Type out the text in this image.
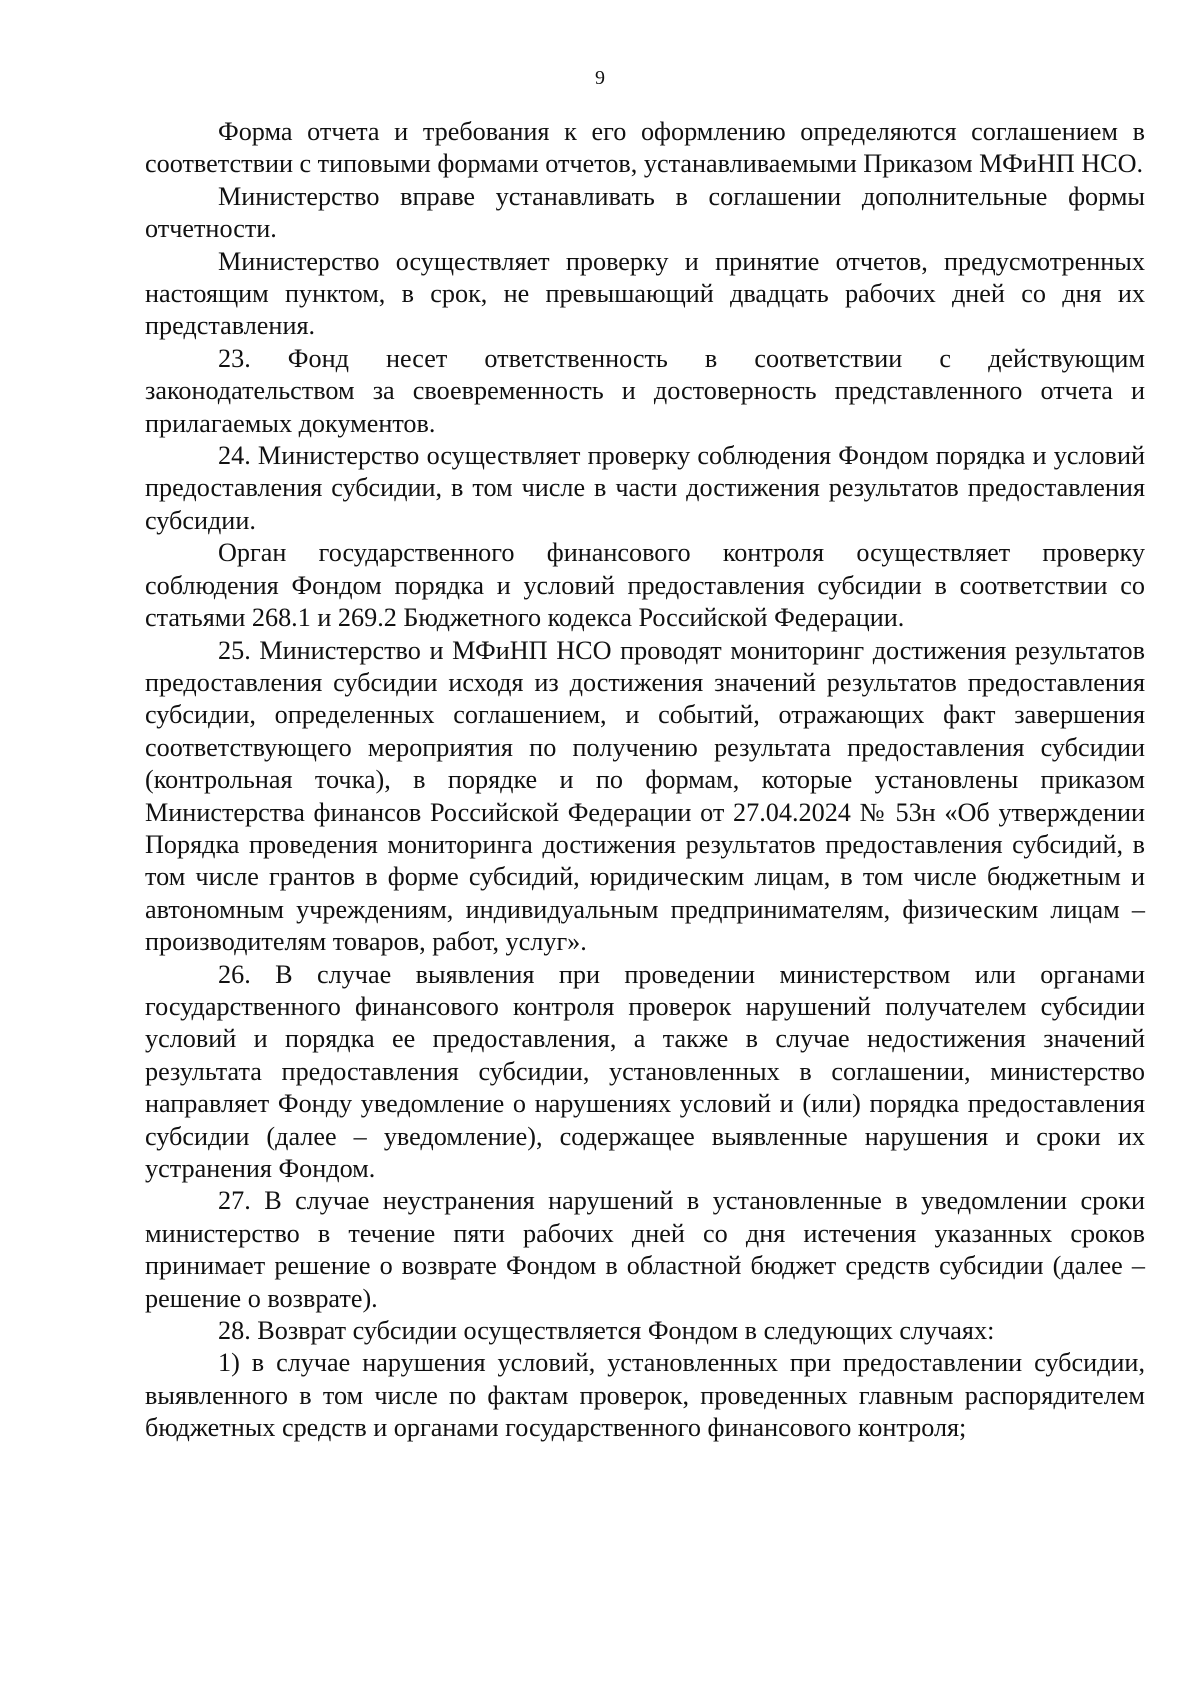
9

Форма отчета и требования к его оформлению определяются соглашением в соответствии с типовыми формами отчетов, устанавливаемыми Приказом МФиНП НСО.

Министерство вправе устанавливать в соглашении дополнительные формы отчетности.

Министерство осуществляет проверку и принятие отчетов, предусмотренных настоящим пунктом, в срок, не превышающий двадцать рабочих дней со дня их представления.

23. Фонд несет ответственность в соответствии с действующим законодательством за своевременность и достоверность представленного отчета и прилагаемых документов.

24. Министерство осуществляет проверку соблюдения Фондом порядка и условий предоставления субсидии, в том числе в части достижения результатов предоставления субсидии.

Орган государственного финансового контроля осуществляет проверку соблюдения Фондом порядка и условий предоставления субсидии в соответствии со статьями 268.1 и 269.2 Бюджетного кодекса Российской Федерации.

25. Министерство и МФиНП НСО проводят мониторинг достижения результатов предоставления субсидии исходя из достижения значений результатов предоставления субсидии, определенных соглашением, и событий, отражающих факт завершения соответствующего мероприятия по получению результата предоставления субсидии (контрольная точка), в порядке и по формам, которые установлены приказом Министерства финансов Российской Федерации от 27.04.2024 № 53н «Об утверждении Порядка проведения мониторинга достижения результатов предоставления субсидий, в том числе грантов в форме субсидий, юридическим лицам, в том числе бюджетным и автономным учреждениям, индивидуальным предпринимателям, физическим лицам – производителям товаров, работ, услуг».

26. В случае выявления при проведении министерством или органами государственного финансового контроля проверок нарушений получателем субсидии условий и порядка ее предоставления, а также в случае недостижения значений результата предоставления субсидии, установленных в соглашении, министерство направляет Фонду уведомление о нарушениях условий и (или) порядка предоставления субсидии (далее – уведомление), содержащее выявленные нарушения и сроки их устранения Фондом.

27. В случае неустранения нарушений в установленные в уведомлении сроки министерство в течение пяти рабочих дней со дня истечения указанных сроков принимает решение о возврате Фондом в областной бюджет средств субсидии (далее – решение о возврате).

28. Возврат субсидии осуществляется Фондом в следующих случаях:

1) в случае нарушения условий, установленных при предоставлении субсидии, выявленного в том числе по фактам проверок, проведенных главным распорядителем бюджетных средств и органами государственного финансового контроля;
